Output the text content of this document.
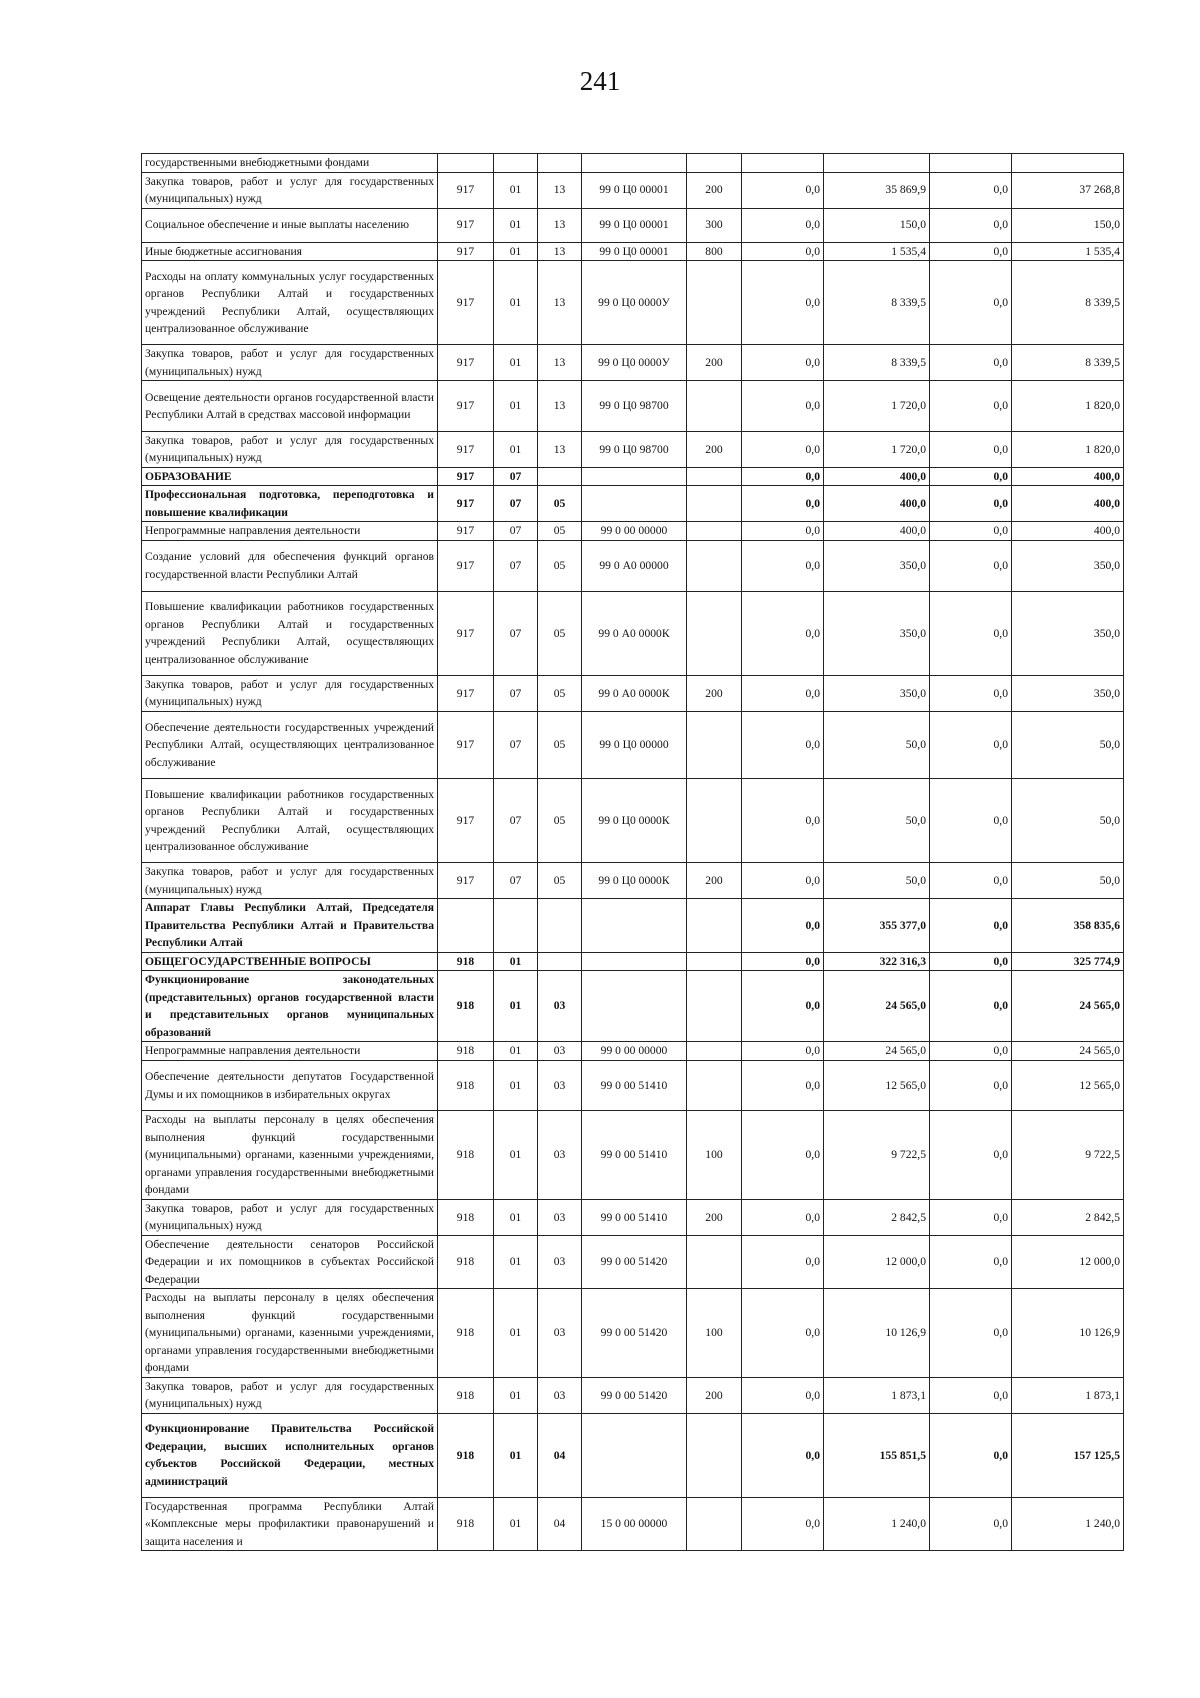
241
государственными внебюджетными фондами									
Закупка товаров, работ и услуг для государственных (муниципальных) нужд	917	01	13	99 0 Ц0 00001	200	0,0	35 869,9	0,0	37 268,8
Социальное обеспечение и иные выплаты населению	917	01	13	99 0 Ц0 00001	300	0,0	150,0	0,0	150,0
Иные бюджетные ассигнования	917	01	13	99 0 Ц0 00001	800	0,0	1 535,4	0,0	1 535,4
Расходы на оплату коммунальных услуг государственных органов Республики Алтай и государственных учреждений Республики Алтай, осуществляющих централизованное обслуживание	917	01	13	99 0 Ц0 0000У		0,0	8 339,5	0,0	8 339,5
Закупка товаров, работ и услуг для государственных (муниципальных) нужд	917	01	13	99 0 Ц0 0000У	200	0,0	8 339,5	0,0	8 339,5
Освещение деятельности органов государственной власти Республики Алтай в средствах массовой информации	917	01	13	99 0 Ц0 98700		0,0	1 720,0	0,0	1 820,0
Закупка товаров, работ и услуг для государственных (муниципальных) нужд	917	01	13	99 0 Ц0 98700	200	0,0	1 720,0	0,0	1 820,0
ОБРАЗОВАНИЕ	917	07				0,0	400,0	0,0	400,0
Профессиональная подготовка, переподготовка и повышение квалификации	917	07	05			0,0	400,0	0,0	400,0
Непрограммные направления деятельности	917	07	05	99 0 00 00000		0,0	400,0	0,0	400,0
Создание условий для обеспечения функций органов государственной власти Республики Алтай	917	07	05	99 0 А0 00000		0,0	350,0	0,0	350,0
Повышение квалификации работников государственных органов Республики Алтай и государственных учреждений Республики Алтай, осуществляющих централизованное обслуживание	917	07	05	99 0 А0 0000К		0,0	350,0	0,0	350,0
Закупка товаров, работ и услуг для государственных (муниципальных) нужд	917	07	05	99 0 А0 0000К	200	0,0	350,0	0,0	350,0
Обеспечение деятельности государственных учреждений Республики Алтай, осуществляющих централизованное обслуживание	917	07	05	99 0 Ц0 00000		0,0	50,0	0,0	50,0
Повышение квалификации работников государственных органов Республики Алтай и государственных учреждений Республики Алтай, осуществляющих централизованное обслуживание	917	07	05	99 0 Ц0 0000К		0,0	50,0	0,0	50,0
Закупка товаров, работ и услуг для государственных (муниципальных) нужд	917	07	05	99 0 Ц0 0000К	200	0,0	50,0	0,0	50,0
Аппарат Главы Республики Алтай, Председателя Правительства Республики Алтай и Правительства Республики Алтай						0,0	355 377,0	0,0	358 835,6
ОБЩЕГОСУДАРСТВЕННЫЕ ВОПРОСЫ	918	01				0,0	322 316,3	0,0	325 774,9
Функционирование законодательных (представительных) органов государственной власти и представительных органов муниципальных образований	918	01	03			0,0	24 565,0	0,0	24 565,0
Непрограммные направления деятельности	918	01	03	99 0 00 00000		0,0	24 565,0	0,0	24 565,0
Обеспечение деятельности депутатов Государственной Думы и их помощников в избирательных округах	918	01	03	99 0 00 51410		0,0	12 565,0	0,0	12 565,0
Расходы на выплаты персоналу в целях обеспечения выполнения функций государственными (муниципальными) органами, казенными учреждениями, органами управления государственными внебюджетными фондами	918	01	03	99 0 00 51410	100	0,0	9 722,5	0,0	9 722,5
Закупка товаров, работ и услуг для государственных (муниципальных) нужд	918	01	03	99 0 00 51410	200	0,0	2 842,5	0,0	2 842,5
Обеспечение деятельности сенаторов Российской Федерации и их помощников в субъектах Российской Федерации	918	01	03	99 0 00 51420		0,0	12 000,0	0,0	12 000,0
Расходы на выплаты персоналу в целях обеспечения выполнения функций государственными (муниципальными) органами, казенными учреждениями, органами управления государственными внебюджетными фондами	918	01	03	99 0 00 51420	100	0,0	10 126,9	0,0	10 126,9
Закупка товаров, работ и услуг для государственных (муниципальных) нужд	918	01	03	99 0 00 51420	200	0,0	1 873,1	0,0	1 873,1
Функционирование Правительства Российской Федерации, высших исполнительных органов субъектов Российской Федерации, местных администраций	918	01	04			0,0	155 851,5	0,0	157 125,5
Государственная программа Республики Алтай «Комплексные меры профилактики правонарушений и защита населения и	918	01	04	15 0 00 00000		0,0	1 240,0	0,0	1 240,0
